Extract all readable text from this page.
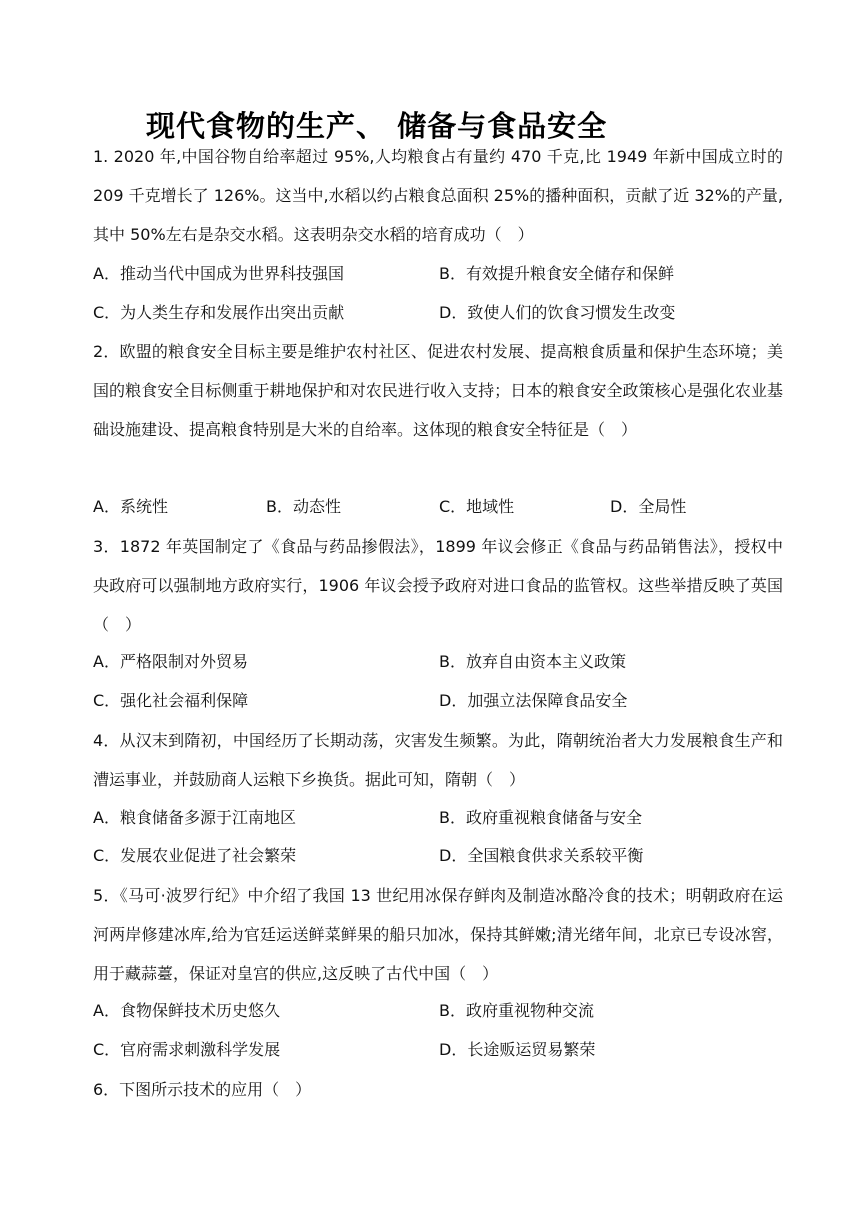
现代食物的生产、 储备与食品安全

1. 2020 年,中国谷物自给率超过 95%,人均粮食占有量约 470 千克,比 1949 年新中国成立时的 209 千克增长了 126%。这当中,水稻以约占粮食总面积 25%的播种面积，贡献了近 32%的产量,其中 50%左右是杂交水稻。这表明杂交水稻的培育成功（　）

A．推动当代中国成为世界科技强国	B．有效提升粮食安全储存和保鲜
C．为人类生存和发展作出突出贡献	D．致使人们的饮食习惯发生改变

2．欧盟的粮食安全目标主要是维护农村社区、促进农村发展、提高粮食质量和保护生态环境；美国的粮食安全目标侧重于耕地保护和对农民进行收入支持；日本的粮食安全政策核心是强化农业基础设施建设、提高粮食特别是大米的自给率。这体现的粮食安全特征是（　）

A．系统性	B．动态性	C．地域性	D．全局性

3．1872 年英国制定了《食品与药品掺假法》，1899 年议会修正《食品与药品销售法》，授权中央政府可以强制地方政府实行，1906 年议会授予政府对进口食品的监管权。这些举措反映了英国 （　）

A．严格限制对外贸易	B．放弃自由资本主义政策
C．强化社会福利保障	D．加强立法保障食品安全

4．从汉末到隋初，中国经历了长期动荡，灾害发生频繁。为此，隋朝统治者大力发展粮食生产和漕运事业，并鼓励商人运粮下乡换货。据此可知，隋朝（　）

A．粮食储备多源于江南地区	B．政府重视粮食储备与安全
C．发展农业促进了社会繁荣	D．全国粮食供求关系较平衡

5．《马可·波罗行纪》中介绍了我国 13 世纪用冰保存鲜肉及制造冰酪冷食的技术；明朝政府在运河两岸修建冰库,给为官廷运送鲜菜鲜果的船只加冰，保持其鲜嫩;清光绪年间，北京已专设冰窖，用于藏蒜薹，保证对皇宫的供应,这反映了古代中国（　）

A．食物保鲜技术历史悠久	B．政府重视物种交流
C．官府需求刺激科学发展	D．长途贩运贸易繁荣

6．下图所示技术的应用（　）
